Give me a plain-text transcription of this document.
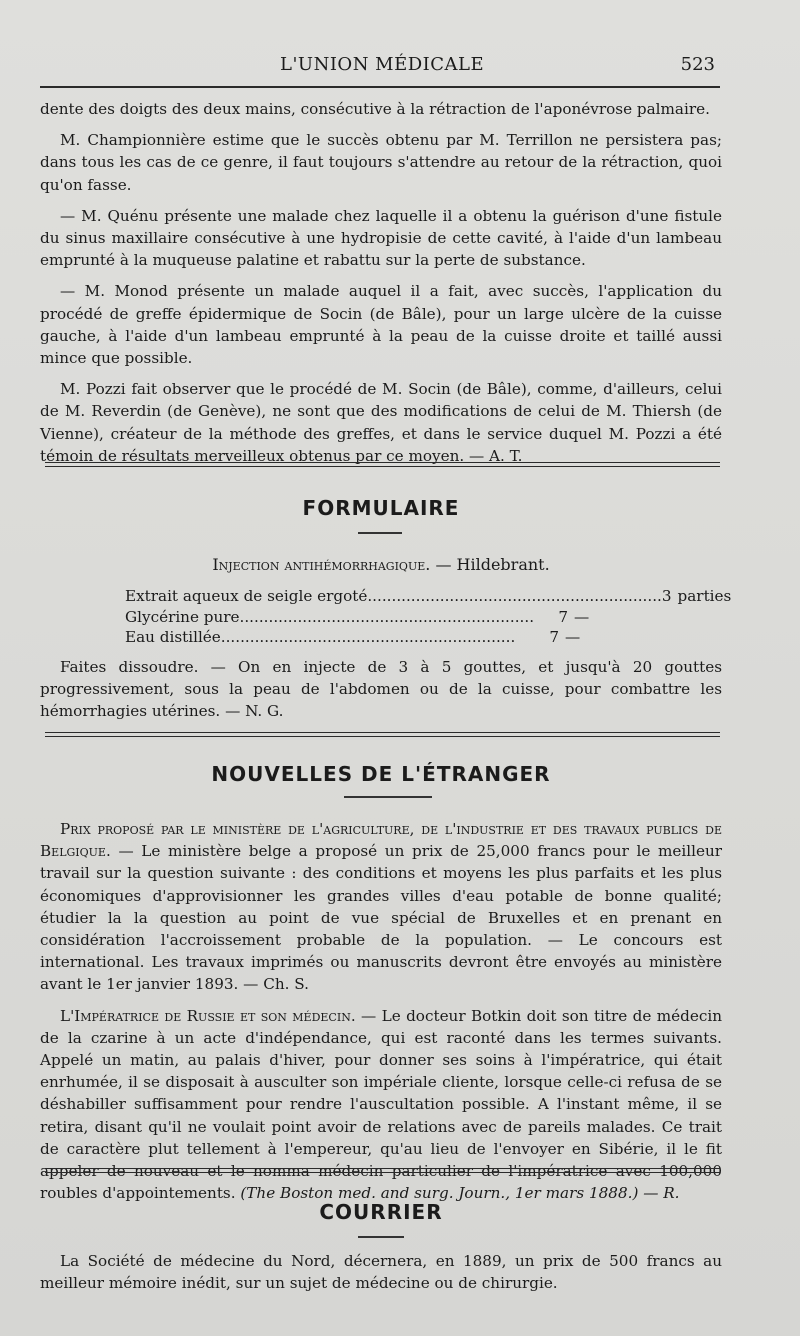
L'UNION MÉDICALE	523

dente des doigts des deux mains, consécutive à la rétraction de l'aponévrose palmaire.

M. Championnière estime que le succès obtenu par M. Terrillon ne persistera pas; dans tous les cas de ce genre, il faut toujours s'attendre au retour de la rétraction, quoi qu'on fasse.

— M. Quénu présente une malade chez laquelle il a obtenu la guérison d'une fistule du sinus maxillaire consécutive à une hydropisie de cette cavité, à l'aide d'un lambeau emprunté à la muqueuse palatine et rabattu sur la perte de substance.

— M. Monod présente un malade auquel il a fait, avec succès, l'application du procédé de greffe épidermique de Socin (de Bâle), pour un large ulcère de la cuisse gauche, à l'aide d'un lambeau emprunté à la peau de la cuisse droite et taillé aussi mince que possible.

M. Pozzi fait observer que le procédé de M. Socin (de Bâle), comme, d'ailleurs, celui de M. Reverdin (de Genève), ne sont que des modifications de celui de M. Thiersh (de Vienne), créateur de la méthode des greffes, et dans le service duquel M. Pozzi a été témoin de résultats merveilleux obtenus par ce moyen. — A. T.

FORMULAIRE
Injection antihémorrhagique. — Hildebrant.
Extrait aqueux de seigle ergoté ............................................................. 3 parties
Glycérine pure .............................................................	7 —
Eau distillée .............................................................	7 —

Faites dissoudre. — On en injecte de 3 à 5 gouttes, et jusqu'à 20 gouttes progressivement, sous la peau de l'abdomen ou de la cuisse, pour combattre les hémorrhagies utérines. — N. G.

NOUVELLES DE L'ÉTRANGER

Prix proposé par le ministère de l'agriculture, de l'industrie et des travaux publics de Belgique. — Le ministère belge a proposé un prix de 25,000 francs pour le meilleur travail sur la question suivante : des conditions et moyens les plus parfaits et les plus économiques d'approvisionner les grandes villes d'eau potable de bonne qualité; étudier la la question au point de vue spécial de Bruxelles et en prenant en considération l'accroissement probable de la population. — Le concours est international. Les travaux imprimés ou manuscrits devront être envoyés au ministère avant le 1er janvier 1893. — Ch. S.

L'Impératrice de Russie et son médecin. — Le docteur Botkin doit son titre de médecin de la czarine à un acte d'indépendance, qui est raconté dans les termes suivants. Appelé un matin, au palais d'hiver, pour donner ses soins à l'impératrice, qui était enrhumée, il se disposait à ausculter son impériale cliente, lorsque celle-ci refusa de se déshabiller suffisamment pour rendre l'auscultation possible. A l'instant même, il se retira, disant qu'il ne voulait point avoir de relations avec de pareils malades. Ce trait de caractère plut tellement à l'empereur, qu'au lieu de l'envoyer en Sibérie, il le fit appeler de nouveau et le nomma médecin particulier de l'impératrice avec 100,000 roubles d'appointements. (The Boston med. and surg. Journ., 1er mars 1888.) — R.

COURRIER

La Société de médecine du Nord, décernera, en 1889, un prix de 500 francs au meilleur mémoire inédit, sur un sujet de médecine ou de chirurgie.
